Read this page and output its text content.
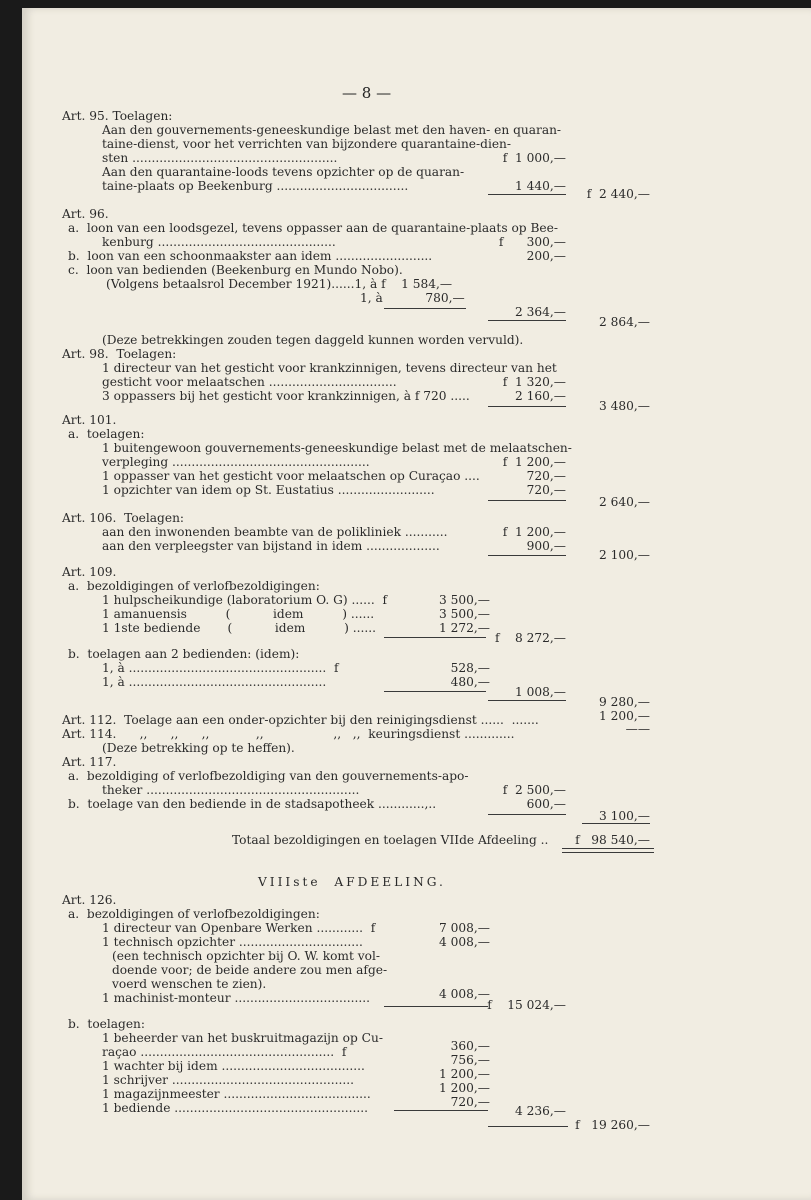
— 8 —
Art. 95. Toelagen:
Aan den gouvernements-geneeskundige belast met den haven- en quaran-
taine-dienst, voor het verrichten van bijzondere quarantaine-dien-
sten .....................................................	f  1 000,—
Aan den quarantaine-loods tevens opzichter op de quaran-
taine-plaats op Beekenburg ..................................	1 440,—
f  2 440,—
Art. 96.
a.  loon van een loodsgezel, tevens oppasser aan de quarantaine-plaats op Bee-
kenburg ..............................................	f      300,—
b.  loon van een schoonmaakster aan idem .........................	200,—
c.  loon van bedienden (Beekenburg en Mundo Nobo).
(Volgens betaalsrol December 1921)......1, à f    1 584,—
1, à           780,—
2 364,—
2 864,—
(Deze betrekkingen zouden tegen daggeld kunnen worden vervuld).
Art. 98.  Toelagen:
1 directeur van het gesticht voor krankzinnigen, tevens directeur van het
gesticht voor melaatschen .................................	f  1 320,—
3 oppassers bij het gesticht voor krankzinnigen, à f 720 .....	2 160,—
3 480,—
Art. 101.
a.  toelagen:
1 buitengewoon gouvernements-geneeskundige belast met de melaatschen-
verpleging ...................................................	f  1 200,—
1 oppasser van het gesticht voor melaatschen op Curaçao ....	720,—
1 opzichter van idem op St. Eustatius .........................	720,—
2 640,—
Art. 106.  Toelagen:
aan den inwonenden beambte van de polikliniek ...........	f  1 200,—
aan den verpleegster van bijstand in idem ...................	900,—
2 100,—
Art. 109.
a.  bezoldigingen of verlofbezoldigingen:
1 hulpscheikundige (laboratorium O. G) ......  f	3 500,—
1 amanuensis          (           idem          ) ......	3 500,—
1 1ste bediende       (           idem          ) ......	1 272,—
f    8 272,—
b.  toelagen aan 2 bedienden: (idem):
1, à ...................................................  f	528,—
1, à ...................................................	480,—
1 008,—
9 280,—
Art. 112.  Toelage aan een onder-opzichter bij den reinigingsdienst ......  .......	1 200,—
Art. 114.      ,,      ,,      ,,            ,,                  ,,   ,,  keuringsdienst .............	——
(Deze betrekking op te heffen).
Art. 117.
a.  bezoldiging of verlofbezoldiging van den gouvernements-apo-
theker .......................................................	f  2 500,—
b.  toelage van den bediende in de stadsapotheek ............,..	600,—
3 100,—
Totaal bezoldigingen en toelagen VIIde Afdeeling .. f   98 540,—
VIIIste  AFDEELING.
Art. 126.
a.  bezoldigingen of verlofbezoldigingen:
1 directeur van Openbare Werken ............  f	7 008,—
1 technisch opzichter ................................	4 008,—
(een technisch opzichter bij O. W. komt vol-
doende voor; de beide andere zou men afge-
voerd wenschen te zien).
1 machinist-monteur ...................................	4 008,—
f    15 024,—
b.  toelagen:
1 beheerder van het buskruitmagazijn op Cu-
raçao ..................................................  f	360,—
1 wachter bij idem .....................................	756,—
1 schrijver ...............................................	1 200,—
1 magazijnmeester ......................................	1 200,—
1 bediende ..................................................	720,—
4 236,—
f   19 260,—
